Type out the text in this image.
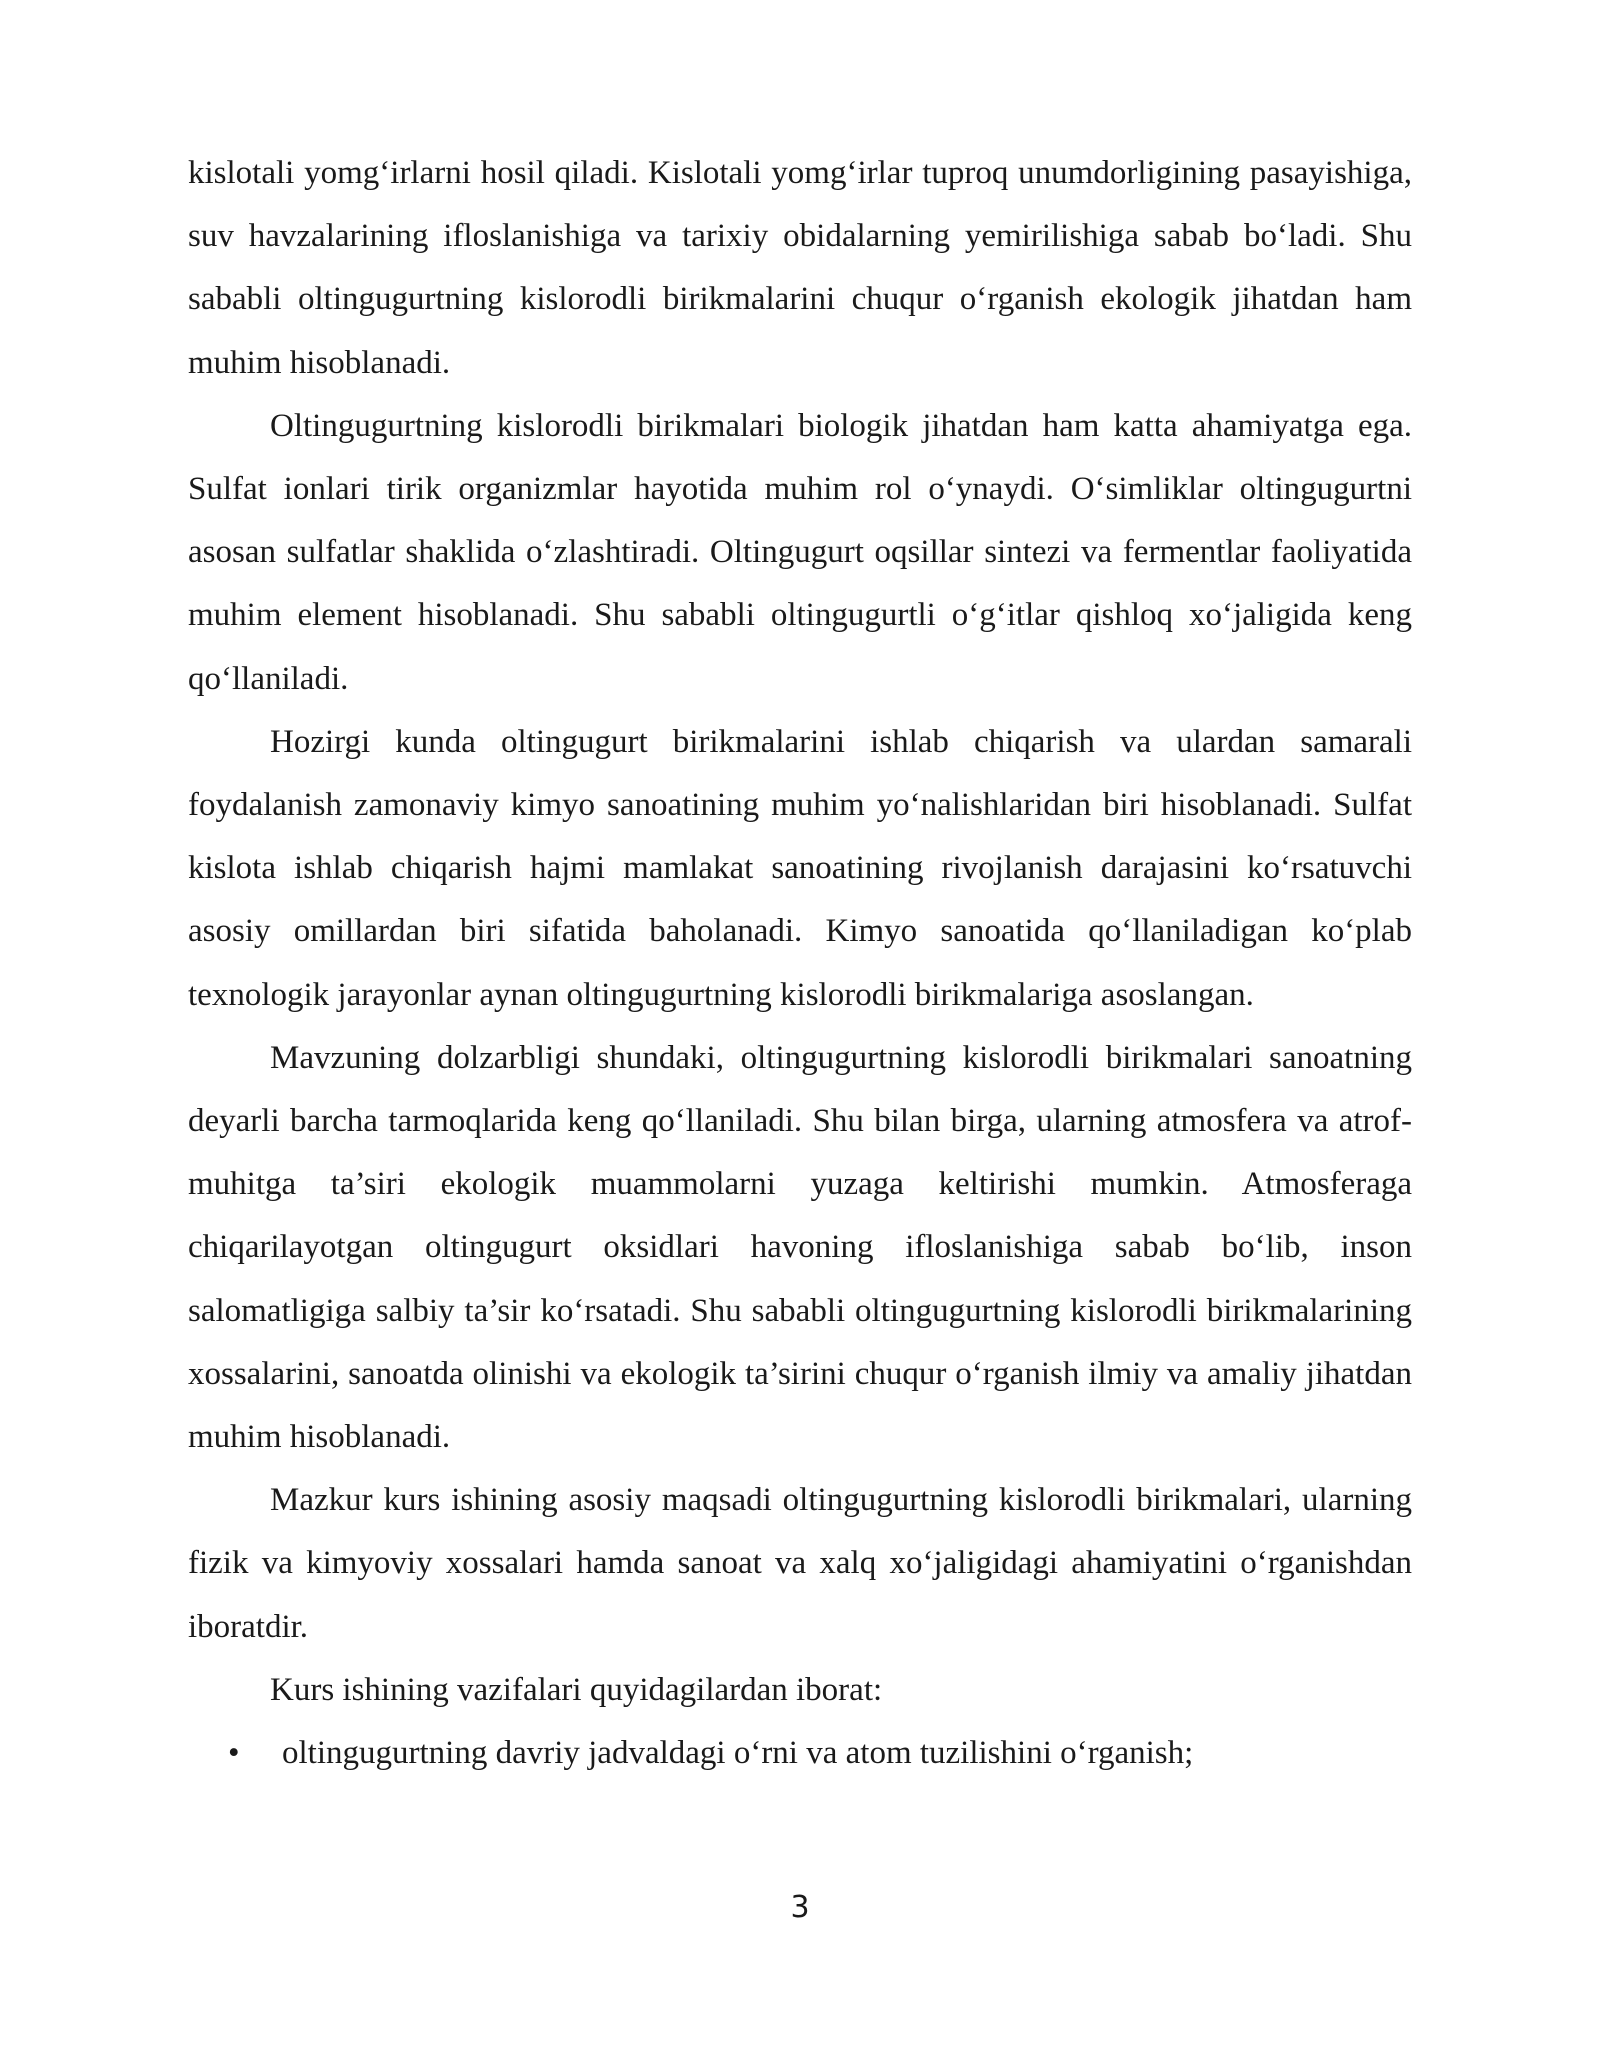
kislotali yomg‘irlarni hosil qiladi. Kislotali yomg‘irlar tuproq unumdorligining pasayishiga, suv havzalarining ifloslanishiga va tarixiy obidalarning yemirilishiga sabab bo‘ladi. Shu sababli oltingugurtning kislorodli birikmalarini chuqur o‘rganish ekologik jihatdan ham muhim hisoblanadi.

Oltingugurtning kislorodli birikmalari biologik jihatdan ham katta ahamiyatga ega. Sulfat ionlari tirik organizmlar hayotida muhim rol o‘ynaydi. O‘simliklar oltingugurtni asosan sulfatlar shaklida o‘zlashtiradi. Oltingugurt oqsillar sintezi va fermentlar faoliyatida muhim element hisoblanadi. Shu sababli oltingugurtli o‘g‘itlar qishloq xo‘jaligida keng qo‘llaniladi.

Hozirgi kunda oltingugurt birikmalarini ishlab chiqarish va ulardan samarali foydalanish zamonaviy kimyo sanoatining muhim yo‘nalishlaridan biri hisoblanadi. Sulfat kislota ishlab chiqarish hajmi mamlakat sanoatining rivojlanish darajasini ko‘rsatuvchi asosiy omillardan biri sifatida baholanadi. Kimyo sanoatida qo‘llaniladigan ko‘plab texnologik jarayonlar aynan oltingugurtning kislorodli birikmalariga asoslangan.

Mavzuning dolzarbligi shundaki, oltingugurtning kislorodli birikmalari sanoatning deyarli barcha tarmoqlarida keng qo‘llaniladi. Shu bilan birga, ularning atmosfera va atrof-muhitga ta’siri ekologik muammolarni yuzaga keltirishi mumkin. Atmosferaga chiqarilayotgan oltingugurt oksidlari havoning ifloslanishiga sabab bo‘lib, inson salomatligiga salbiy ta’sir ko‘rsatadi. Shu sababli oltingugurtning kislorodli birikmalarining xossalarini, sanoatda olinishi va ekologik ta’sirini chuqur o‘rganish ilmiy va amaliy jihatdan muhim hisoblanadi.

Mazkur kurs ishining asosiy maqsadi oltingugurtning kislorodli birikmalari, ularning fizik va kimyoviy xossalari hamda sanoat va xalq xo‘jaligidagi ahamiyatini o‘rganishdan iboratdir.

Kurs ishining vazifalari quyidagilardan iborat:

•	oltingugurtning davriy jadvaldagi o‘rni va atom tuzilishini o‘rganish;
3
